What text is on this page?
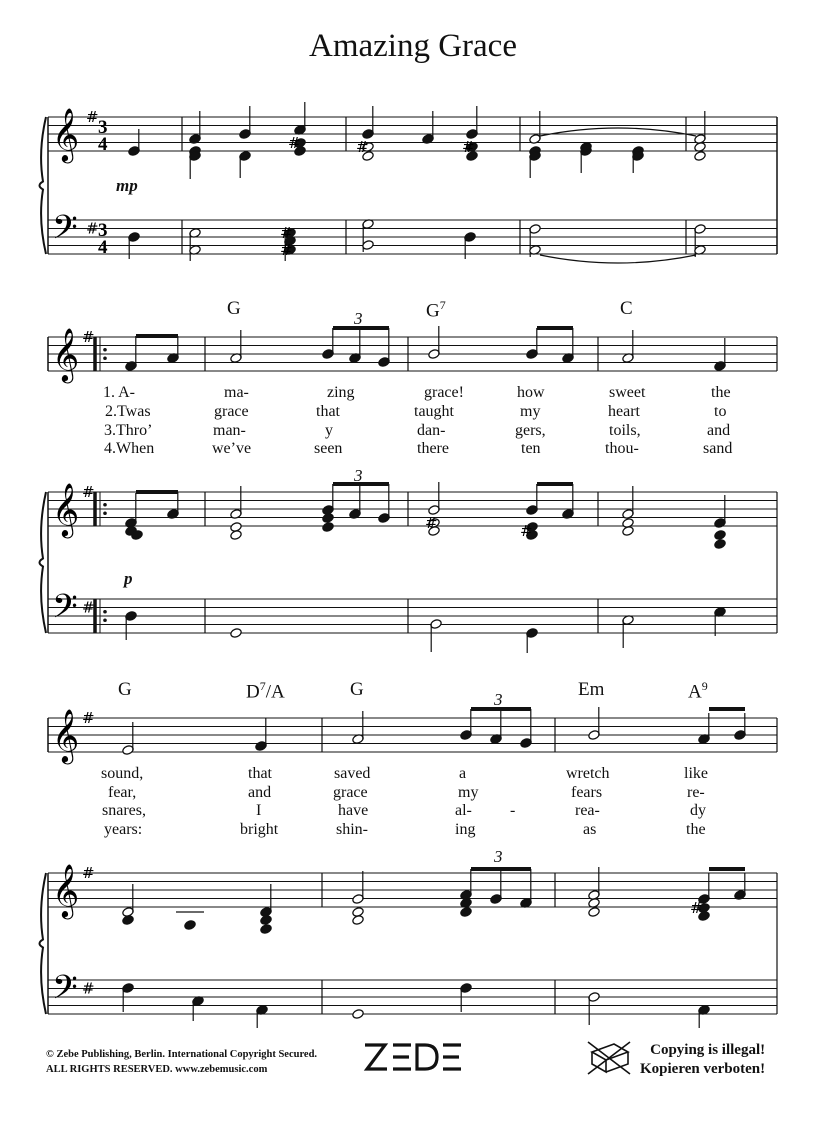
Amazing Grace
𝄞 # 3
4
𝄢 # 3
4
#
#	#
#
#
𝄞 #
𝄞 #
𝄢 #
#	#
𝄞 #
𝄞 #
𝄢 #
#
G	$G^7$	C
1. A-	ma-	zing	grace!	how	sweet	the
2.Twas	grace	that	taught	my	heart	to
3.Thro’	man-	y	dan-	gers,	toils,	and
4.When	we’ve	seen	there	ten	thou-	sand
G	$D^7/A$	G	Em	$A^9$
sound,	that	saved	a	wretch	like
fear,	and	grace	my	fears	re-
snares,	I	have	al- -	rea-	dy
years:	bright	shin-	ing	as	the
mp
p
3
3
3
3
© Zebe Publishing, Berlin. International Copyright Secured.
ALL RIGHTS RESERVED. www.zebemusic.com
Copying is illegal!
Kopieren verboten!
